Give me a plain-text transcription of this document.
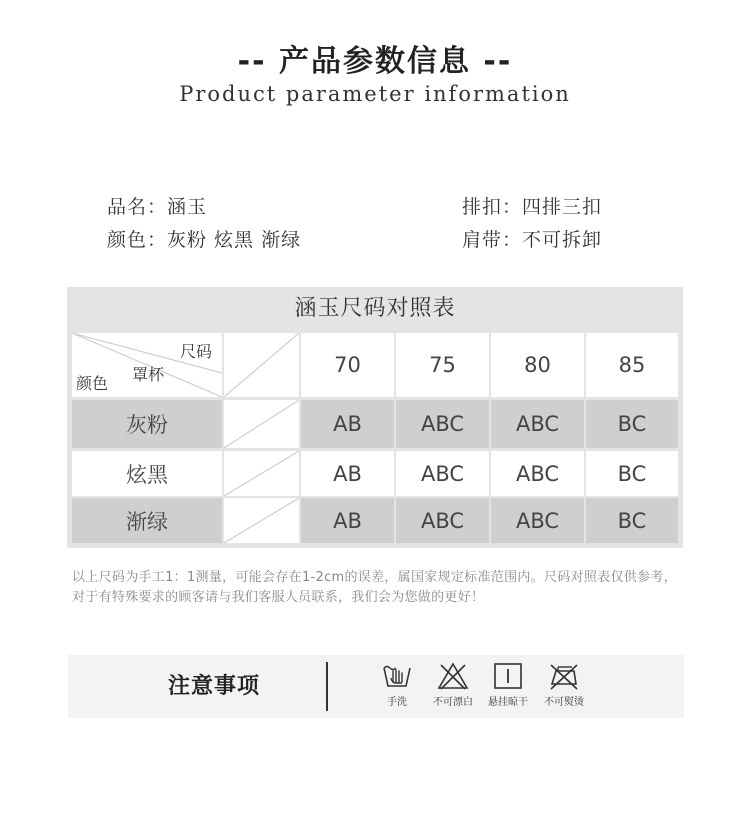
-- 产品参数信息 --
Product parameter information
品名：涵玉
颜色：灰粉 炫黑 渐绿
排扣：四排三扣
肩带：不可拆卸
涵玉尺码对照表
尺码
罩杯
颜色
70	75	80	85
灰粉	AB	ABC	ABC	BC
炫黑	AB	ABC	ABC	BC
渐绿	AB	ABC	ABC	BC
以上尺码为手工1：1测量，可能会存在1-2cm的误差，属国家规定标准范围内。尺码对照表仅供参考，对于有特殊要求的顾客请与我们客服人员联系，我们会为您做的更好！
注意事项
手洗	不可漂白	悬挂晾干	不可熨烫
